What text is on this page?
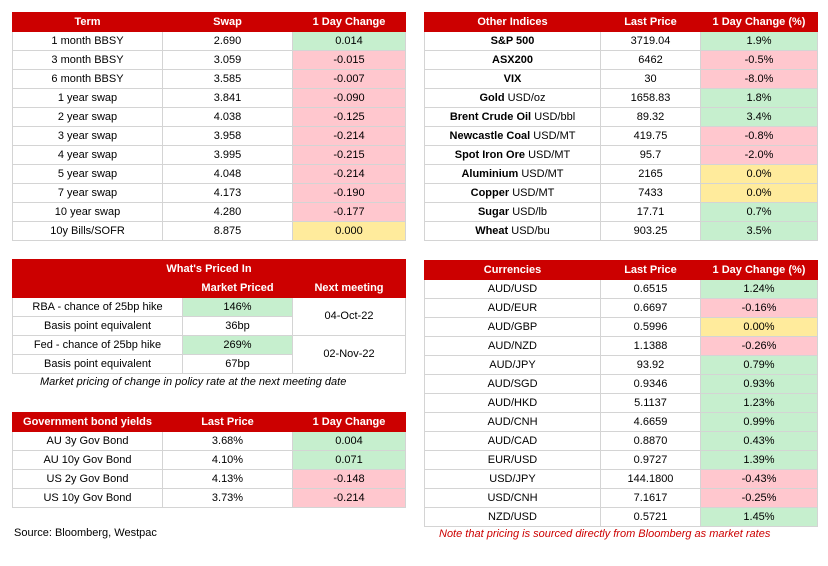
Term	Swap	1 Day Change
1 month BBSY	2.690	0.014
3 month BBSY	3.059	-0.015
6 month BBSY	3.585	-0.007
1 year swap	3.841	-0.090
2 year swap	4.038	-0.125
3 year swap	3.958	-0.214
4 year swap	3.995	-0.215
5 year swap	4.048	-0.214
7 year swap	4.173	-0.190
10 year swap	4.280	-0.177
10y Bills/SOFR	8.875	0.000
Other Indices	Last Price	1 Day Change (%)
S&P 500	3719.04	1.9%
ASX200	6462	-0.5%
VIX	30	-8.0%
Gold USD/oz	1658.83	1.8%
Brent Crude Oil USD/bbl	89.32	3.4%
Newcastle Coal USD/MT	419.75	-0.8%
Spot Iron Ore USD/MT	95.7	-2.0%
Aluminium USD/MT	2165	0.0%
Copper USD/MT	7433	0.0%
Sugar USD/lb	17.71	0.7%
Wheat USD/bu	903.25	3.5%
What's Priced In		
	Market Priced	Next meeting
RBA - chance of 25bp hike	146%	04-Oct-22
Basis point equivalent	36bp	
Fed - chance of 25bp hike	269%	02-Nov-22
Basis point equivalent	67bp	
Market pricing of change in policy rate at the next meeting date
Government bond yields	Last Price	1 Day Change
AU 3y Gov Bond	3.68%	0.004
AU 10y Gov Bond	4.10%	0.071
US 2y Gov Bond	4.13%	-0.148
US 10y Gov Bond	3.73%	-0.214
Currencies	Last Price	1 Day Change (%)
AUD/USD	0.6515	1.24%
AUD/EUR	0.6697	-0.16%
AUD/GBP	0.5996	0.00%
AUD/NZD	1.1388	-0.26%
AUD/JPY	93.92	0.79%
AUD/SGD	0.9346	0.93%
AUD/HKD	5.1137	1.23%
AUD/CNH	4.6659	0.99%
AUD/CAD	0.8870	0.43%
EUR/USD	0.9727	1.39%
USD/JPY	144.1800	-0.43%
USD/CNH	7.1617	-0.25%
NZD/USD	0.5721	1.45%
Source: Bloomberg, Westpac	Note that pricing is sourced directly from Bloomberg as market rates
